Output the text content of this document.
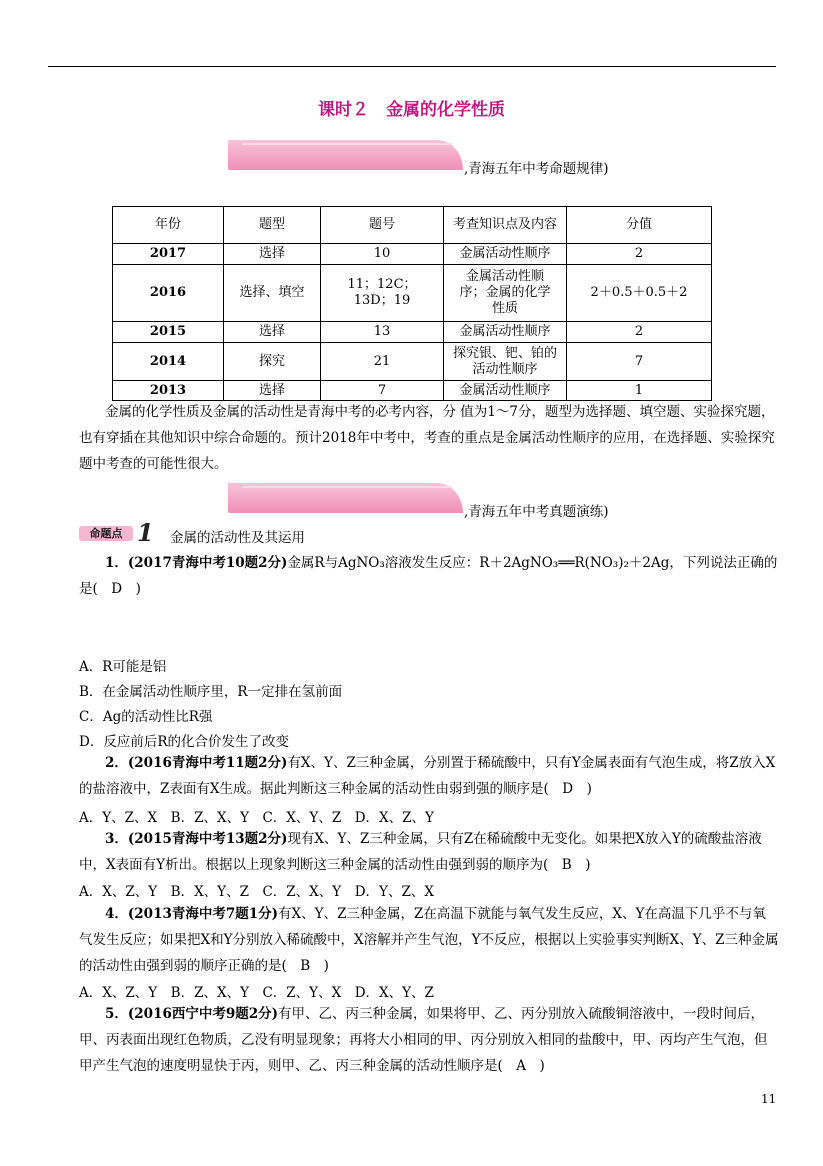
课时２　金属的化学性质
,青海五年中考命题规律)
年份	题型	题号	考查知识点及内容	分值
2017	选择	10	金属活动性顺序	2
2016	选择、填空	11；12C；13D；19	金属活动性顺序；金属的化学性质	2＋0.5＋0.5＋2
2015	选择	13	金属活动性顺序	2
2014	探究	21	探究银、钯、铂的活动性顺序	7
2013	选择	7	金属活动性顺序	1
金属的化学性质及金属的活动性是青海中考的必考内容，分 值为1～7分，题型为选择题、填空题、实验探究题，也有穿插在其他知识中综合命题的。预计2018年中考中，考查的重点是金属活动性顺序的应用，在选择题、实验探究题中考查的可能性很大。
,青海五年中考真题演练)
命题点 1 金属的活动性及其运用
1．(2017青海中考10题2分)金属R与AgNO₃溶液发生反应：R＋2AgNO₃══R(NO₃)₂＋2Ag，下列说法正确的是(　D　)
A．R可能是铝
B．在金属活动性顺序里，R一定排在氢前面
C．Ag的活动性比R强
D．反应前后R的化合价发生了改变
2．(2016青海中考11题2分)有X、Y、Z三种金属，分别置于稀硫酸中，只有Y金属表面有气泡生成，将Z放入X的盐溶液中，Z表面有X生成。据此判断这三种金属的活动性由弱到强的顺序是(　D　)
A．Y、Z、X　B．Z、X、Y　C．X、Y、Z　D．X、Z、Y
3．(2015青海中考13题2分)现有X、Y、Z三种金属，只有Z在稀硫酸中无变化。如果把X放入Y的硫酸盐溶液中，X表面有Y析出。根据以上现象判断这三种金属的活动性由强到弱的顺序为(　B　)
A．X、Z、Y　B．X、Y、Z　C．Z、X、Y　D．Y、Z、X
4．(2013青海中考7题1分)有X、Y、Z三种金属，Z在高温下就能与氧气发生反应，X、Y在高温下几乎不与氧气发生反应；如果把X和Y分别放入稀硫酸中，X溶解并产生气泡，Y不反应，根据以上实验事实判断X、Y、Z三种金属的活动性由强到弱的顺序正确的是(　B　)
A．X、Z、Y　B．Z、X、Y　C．Z、Y、X　D．X、Y、Z
5．(2016西宁中考9题2分)有甲、乙、丙三种金属，如果将甲、乙、丙分别放入硫酸铜溶液中，一段时间后，甲、丙表面出现红色物质，乙没有明显现象；再将大小相同的甲、丙分别放入相同的盐酸中，甲、丙均产生气泡，但甲产生气泡的速度明显快于丙，则甲、乙、丙三种金属的活动性顺序是(　A　)
11
